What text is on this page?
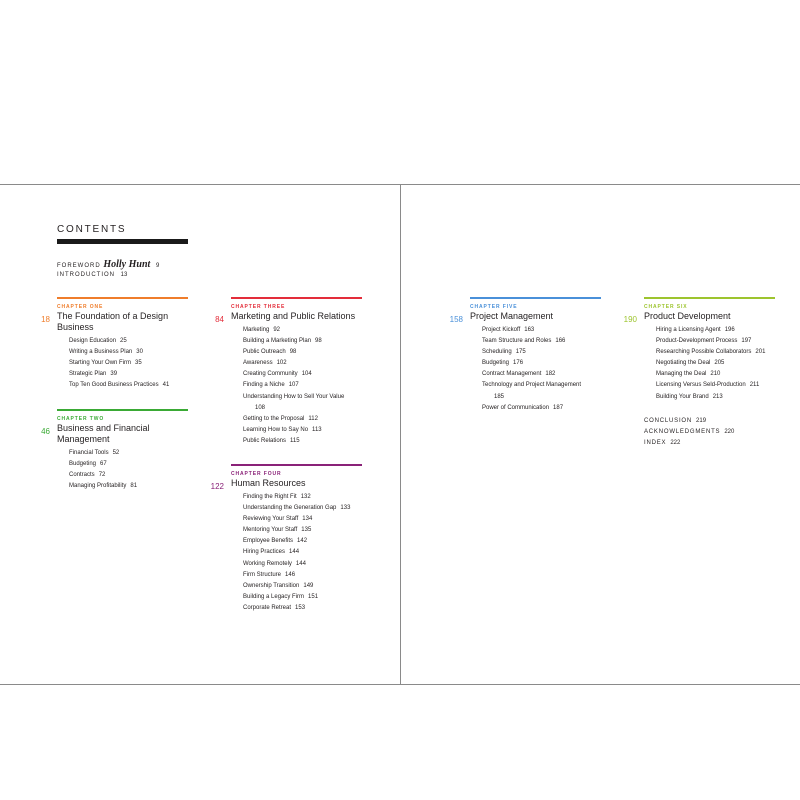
CONTENTS
FOREWORD Holly Hunt 9
INTRODUCTION 13
CHAPTER ONE
18 The Foundation of a Design
Business
Design Education 25
Writing a Business Plan 30
Starting Your Own Firm 35
Strategic Plan 39
Top Ten Good Business Practices 41
CHAPTER TWO
46 Business and Financial
Management
Financial Tools 52
Budgeting 67
Contracts 72
Managing Profitability 81
CHAPTER THREE
84 Marketing and Public Relations
Marketing 92
Building a Marketing Plan 98
Public Outreach 98
Awareness 102
Creating Community 104
Finding a Niche 107
Understanding How to Sell Your Value
108
Getting to the Proposal 112
Learning How to Say No 113
Public Relations 115
CHAPTER FOUR
122 Human Resources
Finding the Right Fit 132
Understanding the Generation Gap 133
Reviewing Your Staff 134
Mentoring Your Staff 135
Employee Benefits 142
Hiring Practices 144
Working Remotely 144
Firm Structure 146
Ownership Transition 149
Building a Legacy Firm 151
Corporate Retreat 153
CHAPTER FIVE
158 Project Management
Project Kickoff 163
Team Structure and Roles 166
Scheduling 175
Budgeting 176
Contract Management 182
Technology and Project Management
185
Power of Communication 187
CHAPTER SIX
190 Product Development
Hiring a Licensing Agent 196
Product-Development Process 197
Researching Possible Collaborators 201
Negotiating the Deal 205
Managing the Deal 210
Licensing Versus Seld-Production 211
Building Your Brand 213
CONCLUSION 219
ACKNOWLEDGMENTS 220
INDEX 222
